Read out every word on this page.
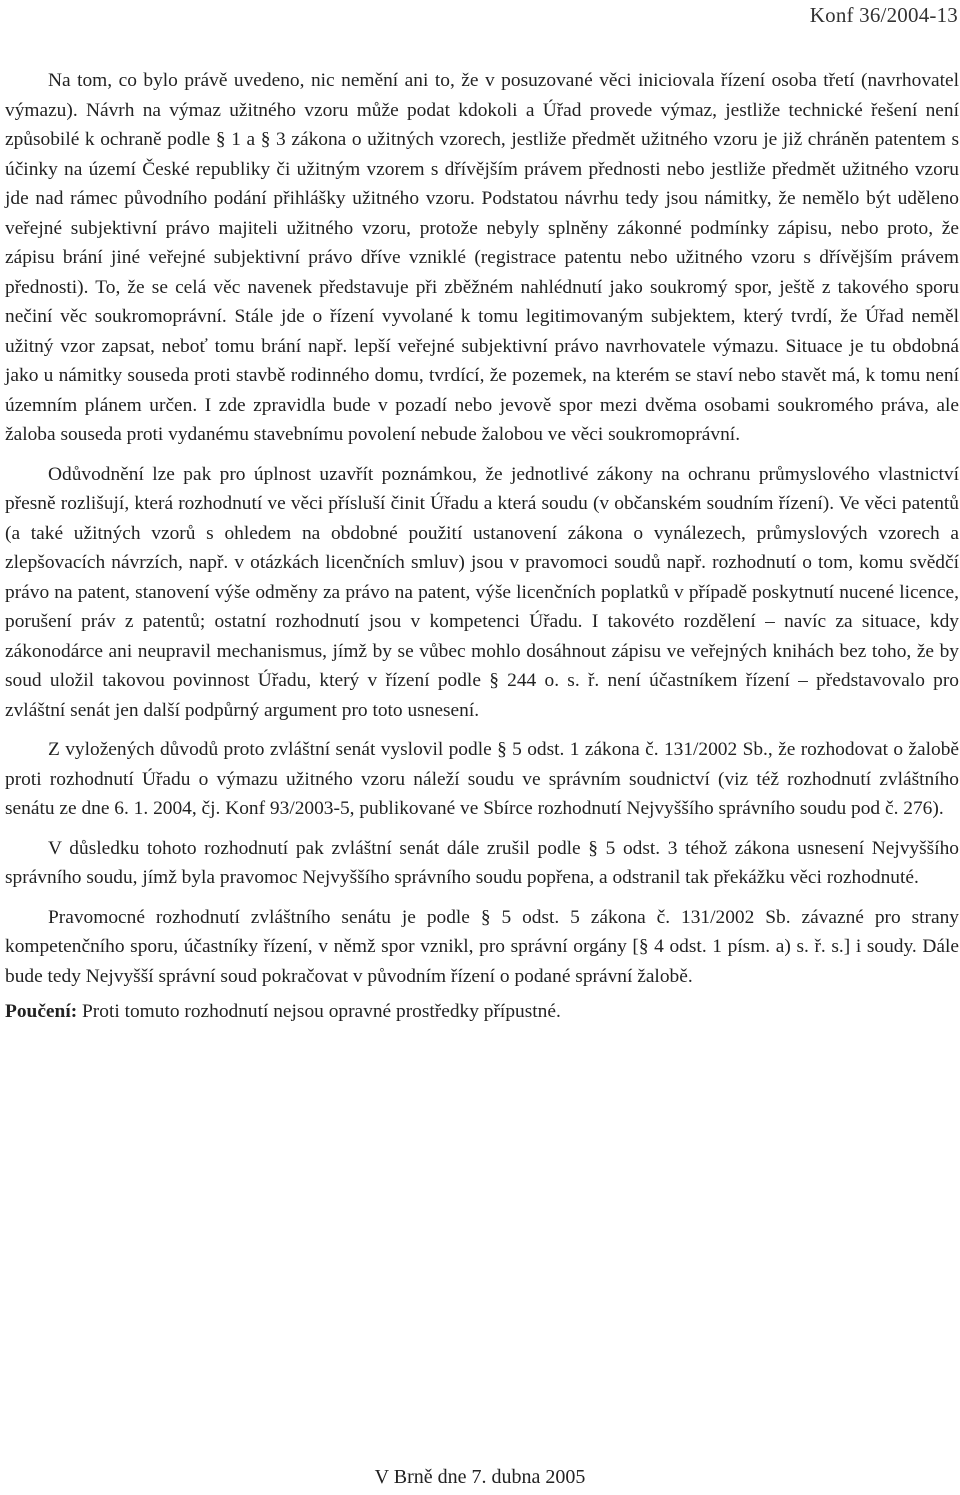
Konf 36/2004-13

Na tom, co bylo právě uvedeno, nic nemění ani to, že v posuzované věci iniciovala řízení osoba třetí (navrhovatel výmazu). Návrh na výmaz užitného vzoru může podat kdokoli a Úřad provede výmaz, jestliže technické řešení není způsobilé k ochraně podle § 1 a § 3 zákona o užitných vzorech, jestliže předmět užitného vzoru je již chráněn patentem s účinky na území České republiky či užitným vzorem s dřívějším právem přednosti nebo jestliže předmět užitného vzoru jde nad rámec původního podání přihlášky užitného vzoru. Podstatou návrhu tedy jsou námitky, že nemělo být uděleno veřejné subjektivní právo majiteli užitného vzoru, protože nebyly splněny zákonné podmínky zápisu, nebo proto, že zápisu brání jiné veřejné subjektivní právo dříve vzniklé (registrace patentu nebo užitného vzoru s dřívějším právem přednosti). To, že se celá věc navenek představuje při zběžném nahlédnutí jako soukromý spor, ještě z takového sporu nečiní věc soukromoprávní. Stále jde o řízení vyvolané k tomu legitimovaným subjektem, který tvrdí, že Úřad neměl užitný vzor zapsat, neboť tomu brání např. lepší veřejné subjektivní právo navrhovatele výmazu. Situace je tu obdobná jako u námitky souseda proti stavbě rodinného domu, tvrdící, že pozemek, na kterém se staví nebo stavět má, k tomu není územním plánem určen. I zde zpravidla bude v pozadí nebo jevově spor mezi dvěma osobami soukromého práva, ale žaloba souseda proti vydanému stavebnímu povolení nebude žalobou ve věci soukromoprávní.

Odůvodnění lze pak pro úplnost uzavřít poznámkou, že jednotlivé zákony na ochranu průmyslového vlastnictví přesně rozlišují, která rozhodnutí ve věci přísluší činit Úřadu a která soudu (v občanském soudním řízení). Ve věci patentů (a také užitných vzorů s ohledem na obdobné použití ustanovení zákona o vynálezech, průmyslových vzorech a zlepšovacích návrzích, např. v otázkách licenčních smluv) jsou v pravomoci soudů např. rozhodnutí o tom, komu svědčí právo na patent, stanovení výše odměny za právo na patent, výše licenčních poplatků v případě poskytnutí nucené licence, porušení práv z patentů; ostatní rozhodnutí jsou v kompetenci Úřadu. I takovéto rozdělení – navíc za situace, kdy zákonodárce ani neupravil mechanismus, jímž by se vůbec mohlo dosáhnout zápisu ve veřejných knihách bez toho, že by soud uložil takovou povinnost Úřadu, který v řízení podle § 244 o. s. ř. není účastníkem řízení – představovalo pro zvláštní senát jen další podpůrný argument pro toto usnesení.

Z vyložených důvodů proto zvláštní senát vyslovil podle § 5 odst. 1 zákona č. 131/2002 Sb., že rozhodovat o žalobě proti rozhodnutí Úřadu o výmazu užitného vzoru náleží soudu ve správním soudnictví (viz též rozhodnutí zvláštního senátu ze dne 6. 1. 2004, čj. Konf 93/2003-5, publikované ve Sbírce rozhodnutí Nejvyššího správního soudu pod č. 276).

V důsledku tohoto rozhodnutí pak zvláštní senát dále zrušil podle § 5 odst. 3 téhož zákona usnesení Nejvyššího správního soudu, jímž byla pravomoc Nejvyššího správního soudu popřena, a odstranil tak překážku věci rozhodnuté.

Pravomocné rozhodnutí zvláštního senátu je podle § 5 odst. 5 zákona č. 131/2002 Sb. závazné pro strany kompetenčního sporu, účastníky řízení, v němž spor vznikl, pro správní orgány [§ 4 odst. 1 písm. a) s. ř. s.] i soudy. Dále bude tedy Nejvyšší správní soud pokračovat v původním řízení o podané správní žalobě.

Poučení: Proti tomuto rozhodnutí nejsou opravné prostředky přípustné.

V Brně dne 7. dubna 2005
